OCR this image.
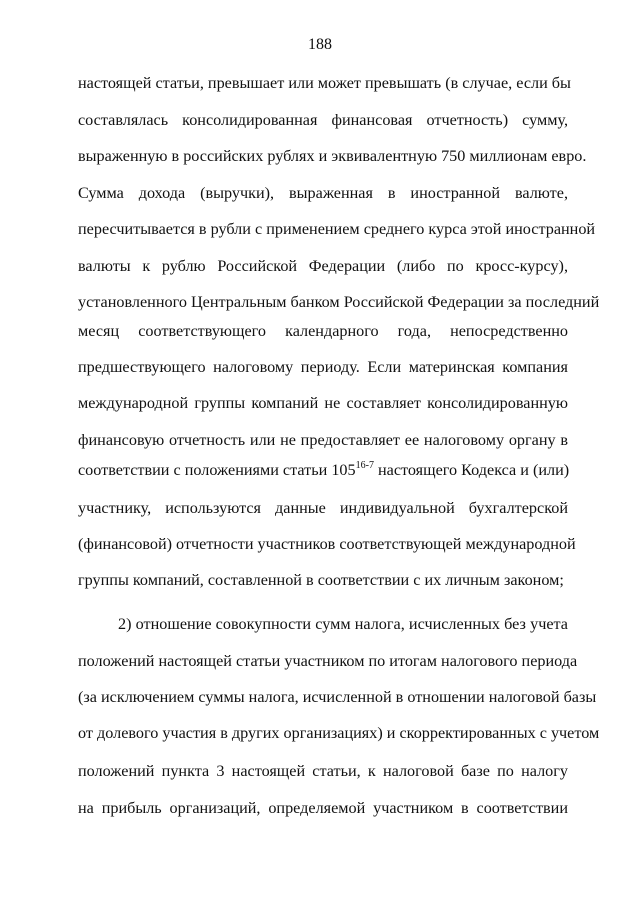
188
настоящей статьи, превышает или может превышать (в случае, если бы
составлялась консолидированная финансовая отчетность) сумму,
выраженную в российских рублях и эквивалентную 750 миллионам евро.
Сумма дохода (выручки), выраженная в иностранной валюте,
пересчитывается в рубли с применением среднего курса этой иностранной
валюты к рублю Российской Федерации (либо по кросс-курсу),
установленного Центральным банком Российской Федерации за последний
месяц соответствующего календарного года, непосредственно
предшествующего налоговому периоду. Если материнская компания
международной группы компаний не составляет консолидированную
финансовую отчетность или не предоставляет ее налоговому органу в
соответствии с положениями статьи 105$^{16-7}$ настоящего Кодекса и (или)
участнику, используются данные индивидуальной бухгалтерской
(финансовой) отчетности участников соответствующей международной
группы компаний, составленной в соответствии с их личным законом;
2) отношение совокупности сумм налога, исчисленных без учета
положений настоящей статьи участником по итогам налогового периода
(за исключением суммы налога, исчисленной в отношении налоговой базы
от долевого участия в других организациях) и скорректированных с учетом
положений пункта 3 настоящей статьи, к налоговой базе по налогу
на прибыль организаций, определяемой участником в соответствии
